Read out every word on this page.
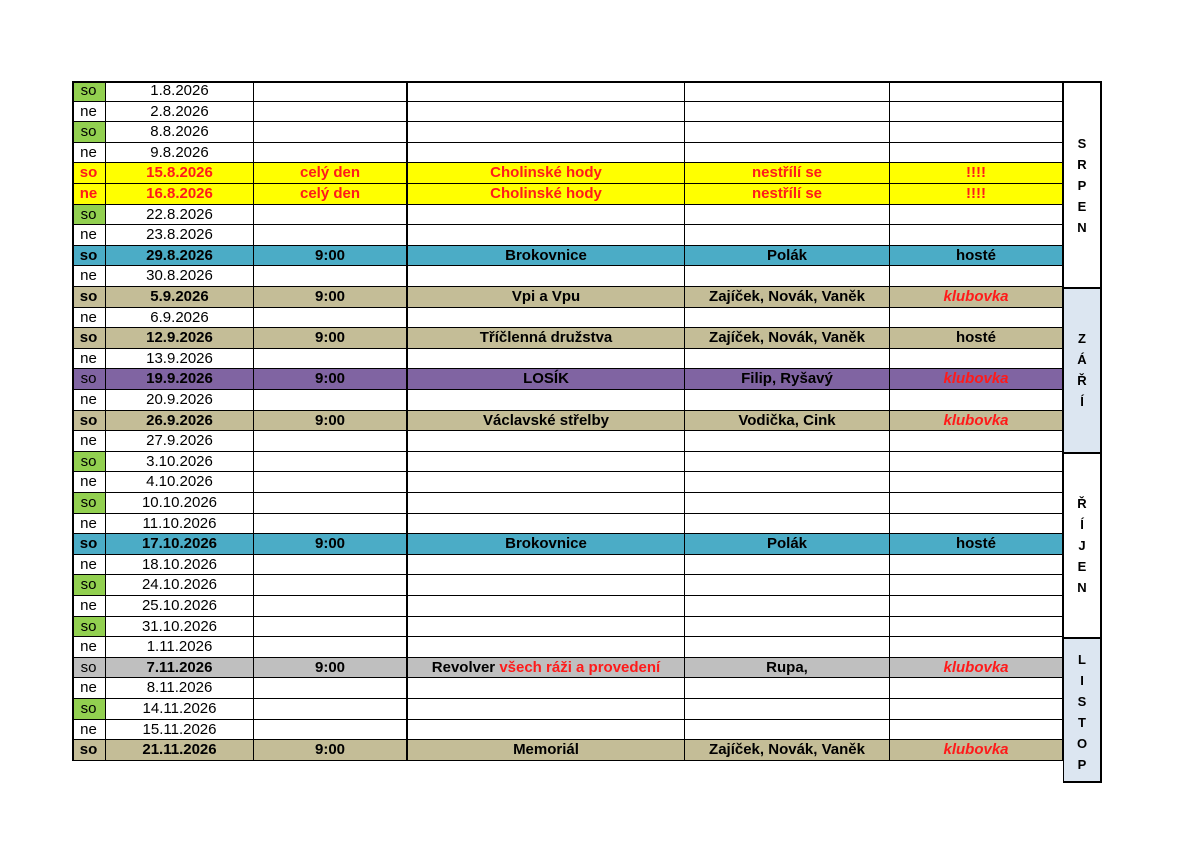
so	1.8.2026
ne	2.8.2026
so	8.8.2026
ne	9.8.2026
so	15.8.2026	celý den	Cholinské hody	nestřílí se	!!!!
ne	16.8.2026	celý den	Cholinské hody	nestřílí se	!!!!
so	22.8.2026
ne	23.8.2026
so	29.8.2026	9:00	Brokovnice	Polák	hosté
ne	30.8.2026
so	5.9.2026	9:00	Vpi a Vpu	Zajíček, Novák, Vaněk	klubovka
ne	6.9.2026
so	12.9.2026	9:00	Tříčlenná družstva	Zajíček, Novák, Vaněk	hosté
ne	13.9.2026
so	19.9.2026	9:00	LOSÍK	Filip, Ryšavý	klubovka
ne	20.9.2026
so	26.9.2026	9:00	Václavské střelby	Vodička, Cink	klubovka
ne	27.9.2026
so	3.10.2026
ne	4.10.2026
so	10.10.2026
ne	11.10.2026
so	17.10.2026	9:00	Brokovnice	Polák	hosté
ne	18.10.2026
so	24.10.2026
ne	25.10.2026
so	31.10.2026
ne	1.11.2026
so	7.11.2026	9:00	Revolver všech ráži a provedení	Rupa,	klubovka
ne	8.11.2026
so	14.11.2026
ne	15.11.2026
so	21.11.2026	9:00	Memoriál	Zajíček, Novák, Vaněk	klubovka
S
R
P
E
N
Z
Á
Ř
Í
Ř
Í
J
E
N
L
I
S
T
O
P
